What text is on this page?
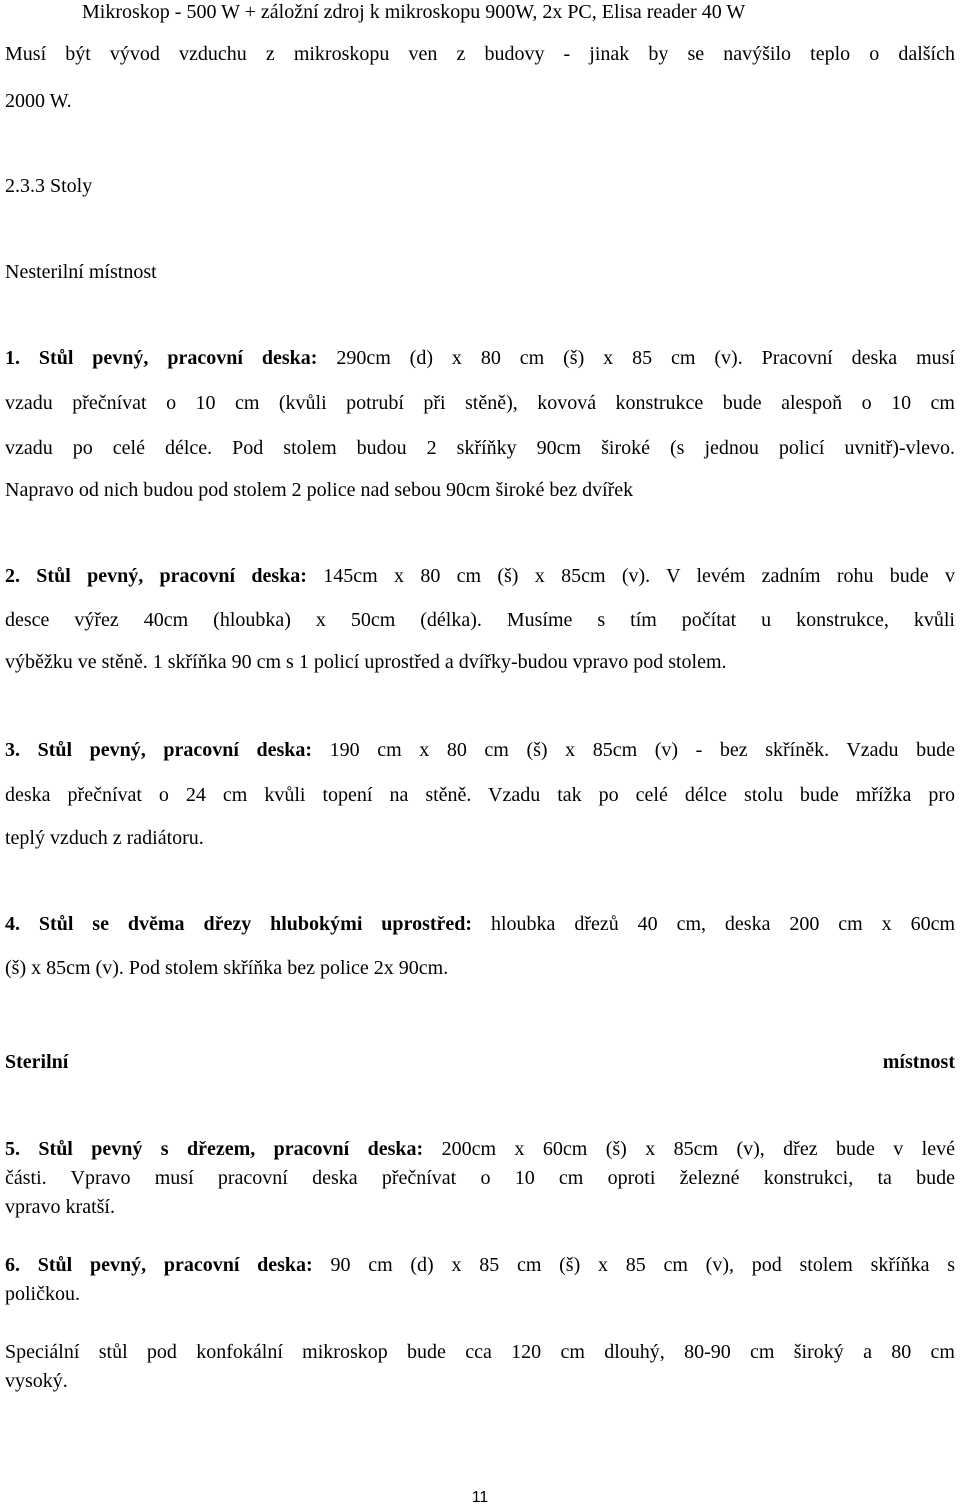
Mikroskop - 500 W + záložní zdroj k mikroskopu 900W, 2x PC, Elisa reader 40 W

Musí být vývod vzduchu z mikroskopu ven z budovy - jinak by se navýšilo teplo o dalších

2000 W.

2.3.3 Stoly

Nesterilní místnost

1. Stůl pevný, pracovní deska: 290cm (d) x 80 cm (š) x 85 cm (v). Pracovní deska musí

vzadu přečnívat o 10 cm (kvůli potrubí při stěně), kovová konstrukce bude alespoň o 10 cm

vzadu po celé délce. Pod stolem budou 2 skříňky 90cm široké (s jednou policí uvnitř)-vlevo.

Napravo od nich budou pod stolem 2 police nad sebou 90cm široké bez dvířek

2. Stůl pevný, pracovní deska: 145cm x 80 cm (š) x 85cm (v). V levém zadním rohu bude v

desce výřez 40cm (hloubka) x 50cm (délka). Musíme s tím počítat u konstrukce, kvůli

výběžku ve stěně. 1 skříňka 90 cm s 1 policí uprostřed a dvířky-budou vpravo pod stolem.

3. Stůl pevný, pracovní deska: 190 cm x 80 cm (š) x 85cm (v) - bez skříněk. Vzadu bude

deska přečnívat o 24 cm kvůli topení na stěně. Vzadu tak po celé délce stolu bude mřížka pro

teplý vzduch z radiátoru.

4. Stůl se dvěma dřezy hlubokými uprostřed: hloubka dřezů 40 cm, deska 200 cm x 60cm

(š) x 85cm (v). Pod stolem skříňka bez police 2x 90cm.

Sterilní	místnost

5. Stůl pevný s dřezem, pracovní deska: 200cm x 60cm (š) x 85cm (v), dřez bude v levé

části. Vpravo musí pracovní deska přečnívat o 10 cm oproti železné konstrukci, ta bude

vpravo kratší.

6. Stůl pevný, pracovní deska: 90 cm (d) x 85 cm (š) x 85 cm (v), pod stolem skříňka s

poličkou.

Speciální stůl pod konfokální mikroskop bude cca 120 cm dlouhý, 80-90 cm široký a 80 cm

vysoký.

11
